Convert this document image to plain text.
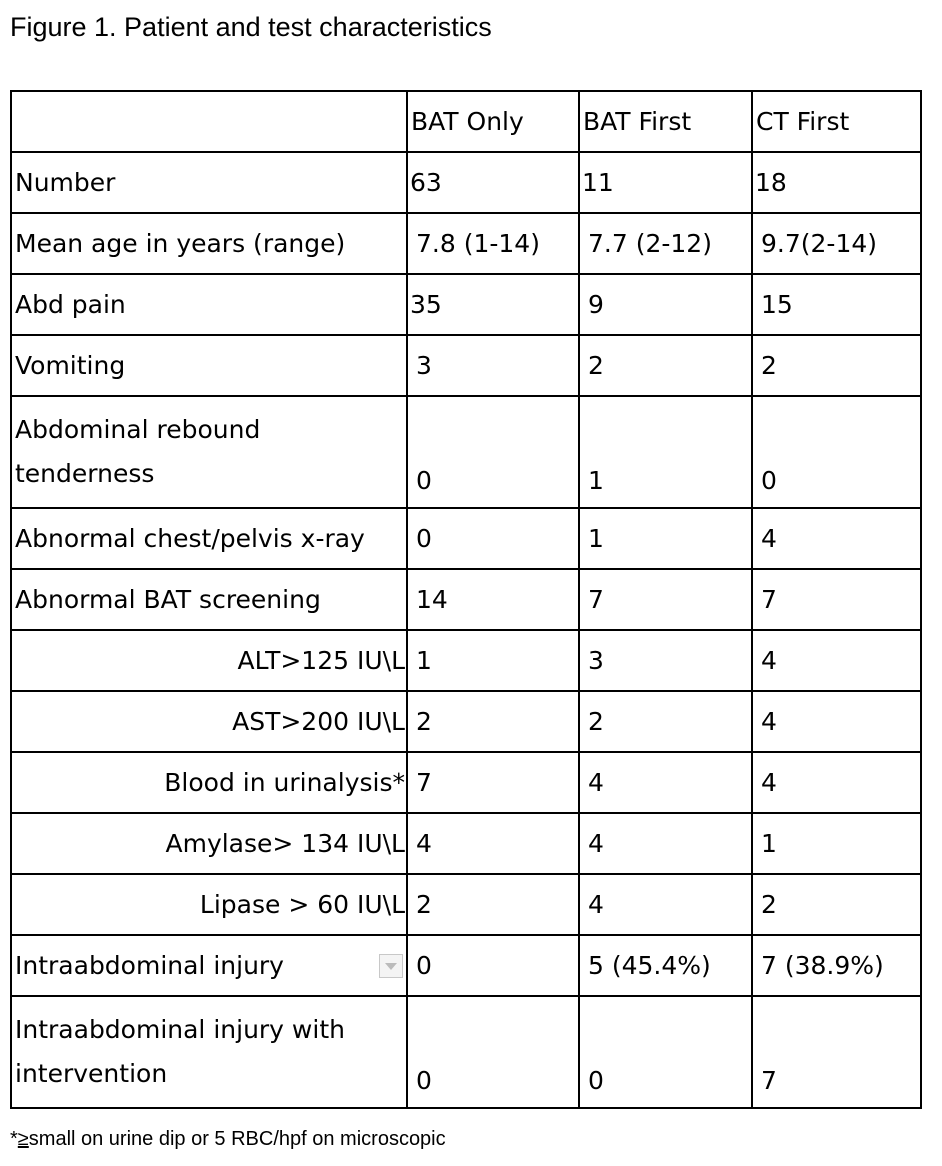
Figure 1. Patient and test characteristics
	BAT Only	BAT First	CT First
Number	63	11	18
Mean age in years (range)	7.8 (1-14)	7.7 (2-12)	9.7(2-14)
Abd pain	35	9	15
Vomiting	3	2	2
Abdominal rebound tenderness	0	1	0
Abnormal chest/pelvis x-ray	0	1	4
Abnormal BAT screening	14	7	7
ALT>125 IU\L	1	3	4
AST>200 IU\L	2	2	4
Blood in urinalysis*	7	4	4
Amylase> 134 IU\L	4	4	1
Lipase > 60 IU\L	2	4	2

Intraabdominal injury	0	5 (45.4%)	7 (38.9%)
Intraabdominal injury with intervention	0	0	7
*≥small on urine dip or 5 RBC/hpf on microscopic
